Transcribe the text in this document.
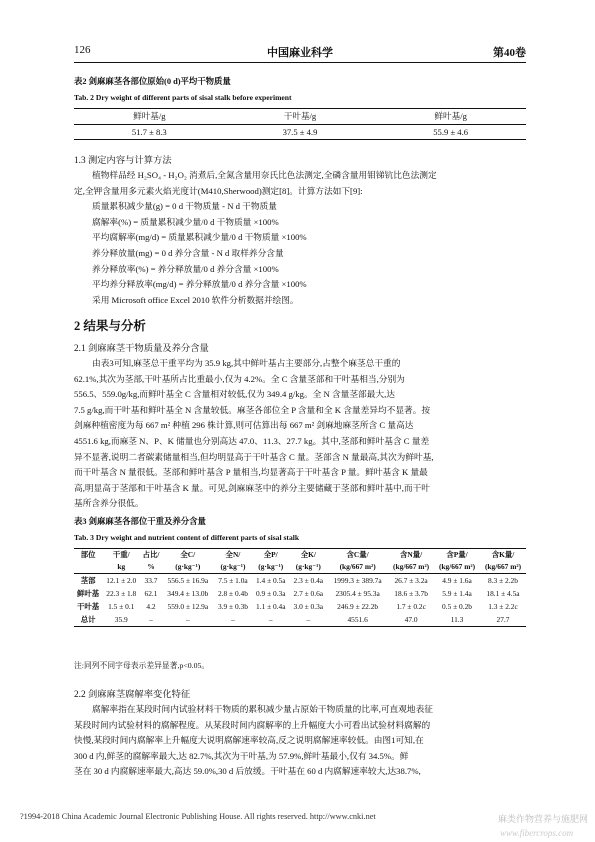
126	中国麻业科学	第40卷
表2 剑麻麻茎各部位原始(0 d)平均干物质量
Tab. 2 Dry weight of different parts of sisal stalk before experiment
鲜叶基/g	干叶基/g	鲜叶基/g
51.7 ± 8.3	37.5 ± 4.9	55.9 ± 4.6
1.3 测定内容与计算方法
植物样品经 H₂SO₄ - H₂O₂ 消煮后,全氮含量用奈氏比色法测定,全磷含量用钼锑钪比色法测定
定,全钾含量用多元素火焰光度计(M410,Sherwood)测定[8]。计算方法如下[9]:
质量累积减少量(g) = 0 d 干物质量 - N d 干物质量
腐解率(%) = 质量累积减少量/0 d 干物质量 ×100%
平均腐解率(mg/d) = 质量累积减少量/0 d 干物质量 ×100%
养分释放量(mg) = 0 d 养分含量 - N d 取样养分含量
养分释放率(%) = 养分释放量/0 d 养分含量 ×100%
平均养分释放率(mg/d) = 养分释放量/0 d 养分含量 ×100%
采用 Microsoft office Excel 2010 软件分析数据并绘图。
2 结果与分析
2.1 剑麻麻茎干物质量及养分含量
由表3可知,麻茎总干重平均为 35.9 kg,其中鲜叶基占主要部分,占整个麻茎总干重的
62.1%,其次为茎部,干叶基所占比重最小,仅为 4.2%。全 C 含量茎部和干叶基相当,分别为
556.5、559.0g/kg,而鲜叶基全 C 含量相对较低,仅为 349.4 g/kg。全 N 含量茎部最大,达
7.5 g/kg,而干叶基和鲜叶基全 N 含量较低。麻茎各部位全 P 含量和全 K 含量差异均不显著。按
剑麻种植密度为每 667 m² 种植 296 株计算,则可估算出每 667 m² 剑麻地麻茎所含 C 量高达
4551.6 kg,而麻茎 N、P、K 储量也分别高达 47.0、11.3、27.7 kg。其中,茎部和鲜叶基含 C 量差
异不显著,说明二者碳素储量相当,但均明显高于干叶基含 C 量。茎部含 N 量最高,其次为鲜叶基,
而干叶基含 N 量很低。茎部和鲜叶基含 P 量相当,均显著高于干叶基含 P 量。鲜叶基含 K 量最
高,明显高于茎部和干叶基含 K 量。可见,剑麻麻茎中的养分主要储藏于茎部和鲜叶基中,而干叶
基所含养分很低。
表3 剑麻麻茎各部位干重及养分含量
Tab. 3 Dry weight and nutrient content of different parts of sisal stalk
部位	干重/	占比/	全C/	全N/	全P/	全K/	含C量/	含N量/	含P量/	含K量/
	kg	%	(g·kg⁻¹)	(g·kg⁻¹)	(g·kg⁻¹)	(g·kg⁻¹)	(kg/667 m²)	(kg/667 m²)	(kg/667 m²)	(kg/667 m²)
茎部	12.1 ± 2.0	33.7	556.5 ± 16.9a	7.5 ± 1.0a	1.4 ± 0.5a	2.3 ± 0.4a	1999.3 ± 389.7a	26.7 ± 3.2a	4.9 ± 1.6a	8.3 ± 2.2b
鲜叶基	22.3 ± 1.8	62.1	349.4 ± 13.0b	2.8 ± 0.4b	0.9 ± 0.3a	2.7 ± 0.6a	2305.4 ± 95.3a	18.6 ± 3.7b	5.9 ± 1.4a	18.1 ± 4.5a
干叶基	1.5 ± 0.1	4.2	559.0 ± 12.9a	3.9 ± 0.3b	1.1 ± 0.4a	3.0 ± 0.3a	246.9 ± 22.2b	1.7 ± 0.2c	0.5 ± 0.2b	1.3 ± 2.2c
总计	35.9	–	–	–	–	–	4551.6	47.0	11.3	27.7
注:同列不同字母表示差异显著,p<0.05。
2.2 剑麻麻茎腐解率变化特征
腐解率指在某段时间内试验材料干物质的累积减少量占原始干物质量的比率,可直观地表征
某段时间内试验材料的腐解程度。从某段时间内腐解率的上升幅度大小可看出试验材料腐解的
快慢,某段时间内腐解率上升幅度大说明腐解速率较高,反之说明腐解速率较低。由图1可知,在
300 d 内,鲜茎的腐解率最大,达 82.7%,其次为干叶基,为 57.9%,鲜叶基最小,仅有 34.5%。鲜
茎在 30 d 内腐解速率最大,高达 59.0%,30 d 后放缓。干叶基在 60 d 内腐解速率较大,达38.7%,
?1994-2018 China Academic Journal Electronic Publishing House. All rights reserved. http://www.cnki.net	麻类作物营养与施肥网
www.fibercrops.com
